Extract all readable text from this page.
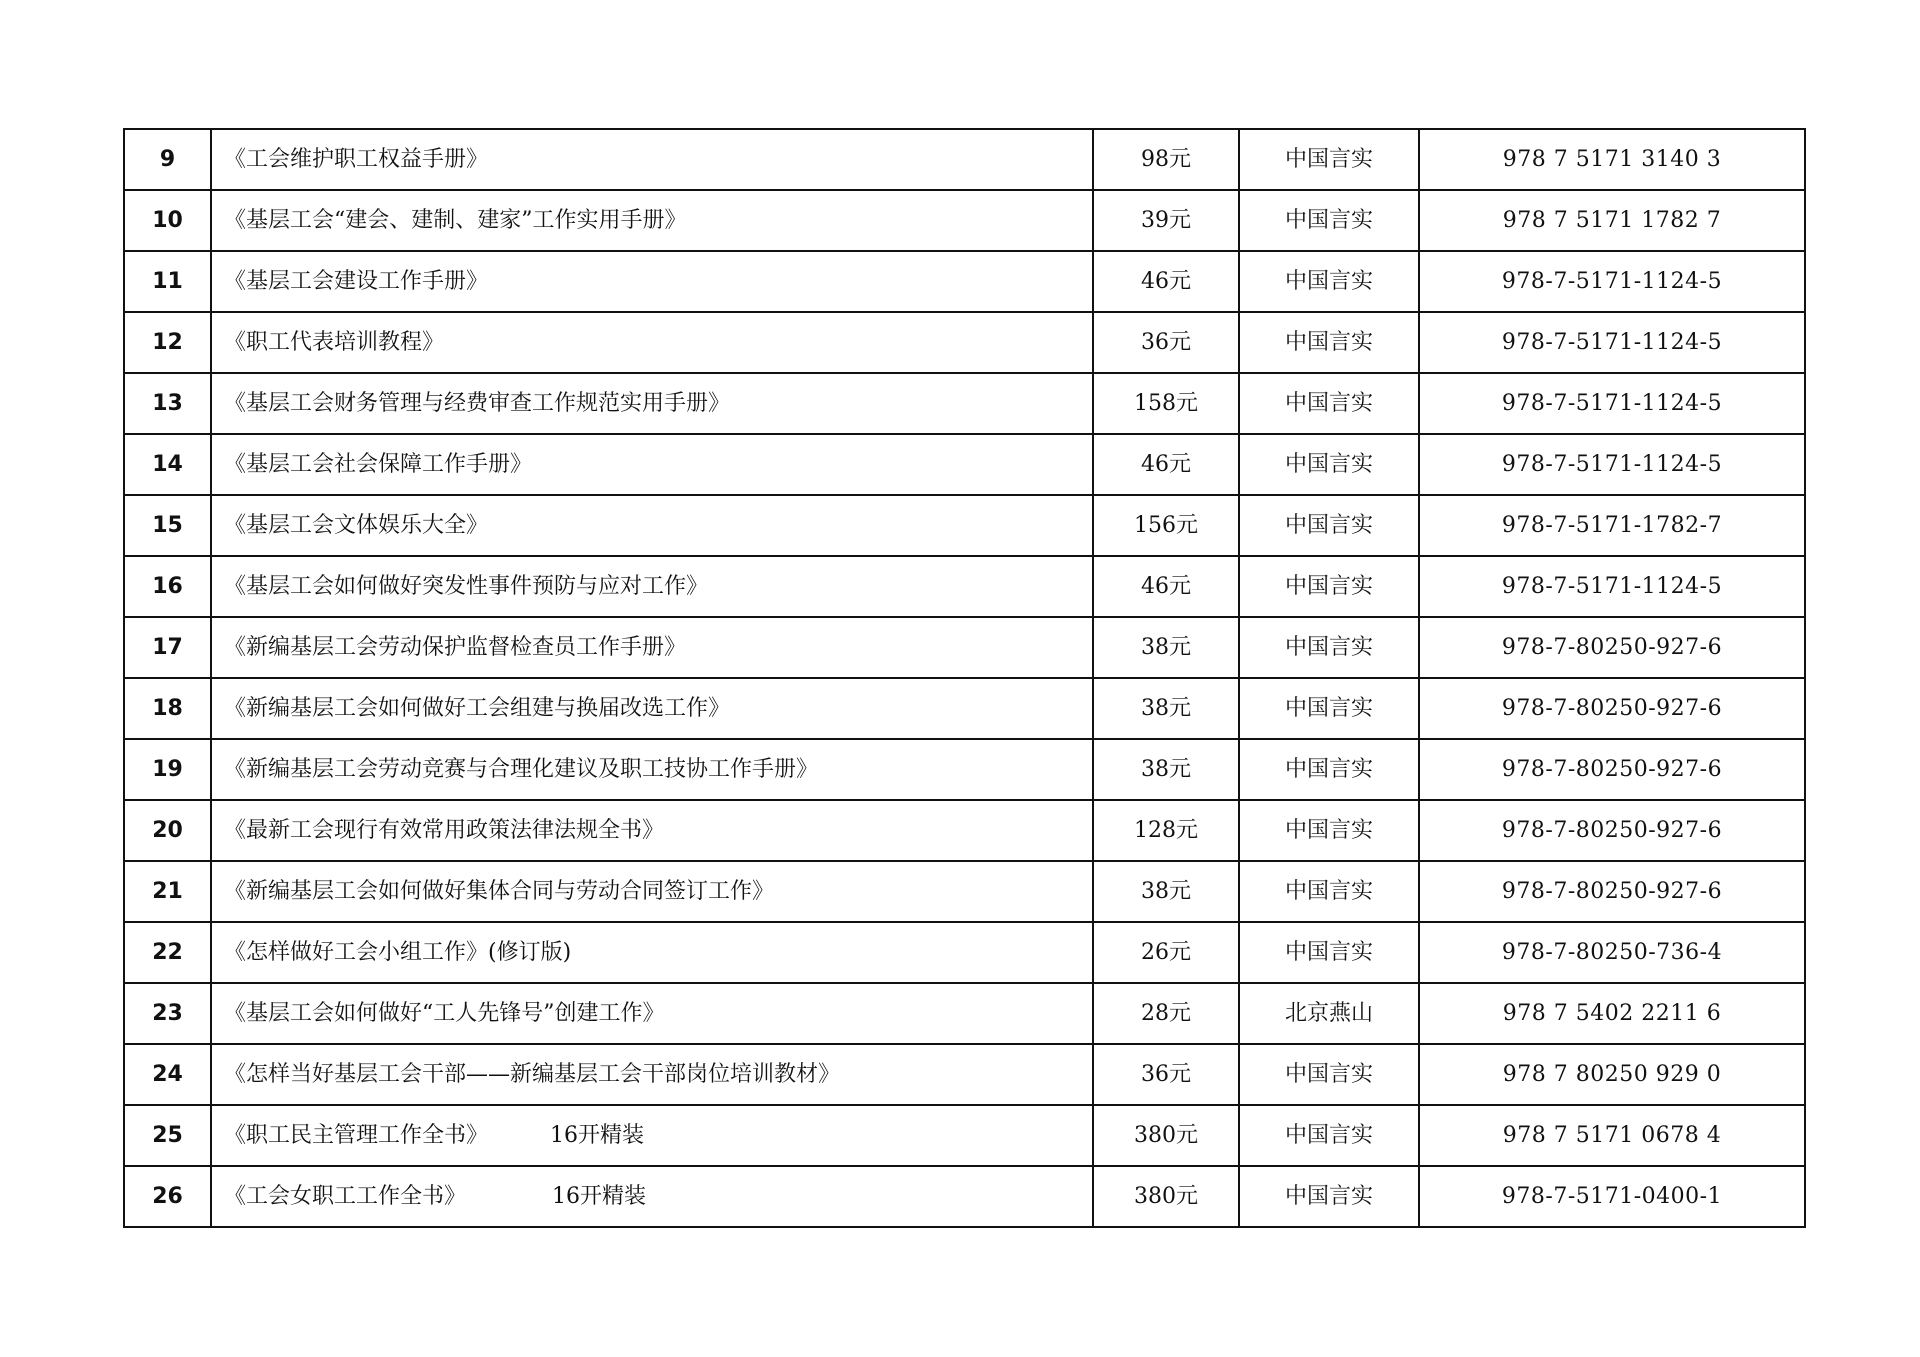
9	《工会维护职工权益手册》	98元	中国言实	978 7 5171 3140 3
10	《基层工会“建会、建制、建家”工作实用手册》	39元	中国言实	978 7 5171 1782 7
11	《基层工会建设工作手册》	46元	中国言实	978-7-5171-1124-5
12	《职工代表培训教程》	36元	中国言实	978-7-5171-1124-5
13	《基层工会财务管理与经费审查工作规范实用手册》	158元	中国言实	978-7-5171-1124-5
14	《基层工会社会保障工作手册》	46元	中国言实	978-7-5171-1124-5
15	《基层工会文体娱乐大全》	156元	中国言实	978-7-5171-1782-7
16	《基层工会如何做好突发性事件预防与应对工作》	46元	中国言实	978-7-5171-1124-5
17	《新编基层工会劳动保护监督检查员工作手册》	38元	中国言实	978-7-80250-927-6
18	《新编基层工会如何做好工会组建与换届改选工作》	38元	中国言实	978-7-80250-927-6
19	《新编基层工会劳动竞赛与合理化建议及职工技协工作手册》	38元	中国言实	978-7-80250-927-6
20	《最新工会现行有效常用政策法律法规全书》	128元	中国言实	978-7-80250-927-6
21	《新编基层工会如何做好集体合同与劳动合同签订工作》	38元	中国言实	978-7-80250-927-6
22	《怎样做好工会小组工作》(修订版)	26元	中国言实	978-7-80250-736-4
23	《基层工会如何做好“工人先锋号”创建工作》	28元	北京燕山	978 7 5402 2211 6
24	《怎样当好基层工会干部——新编基层工会干部岗位培训教材》	36元	中国言实	978 7 80250 929 0
25	《职工民主管理工作全书》 16开精装	380元	中国言实	978 7 5171 0678 4
26	《工会女职工工作全书》 16开精装	380元	中国言实	978-7-5171-0400-1
